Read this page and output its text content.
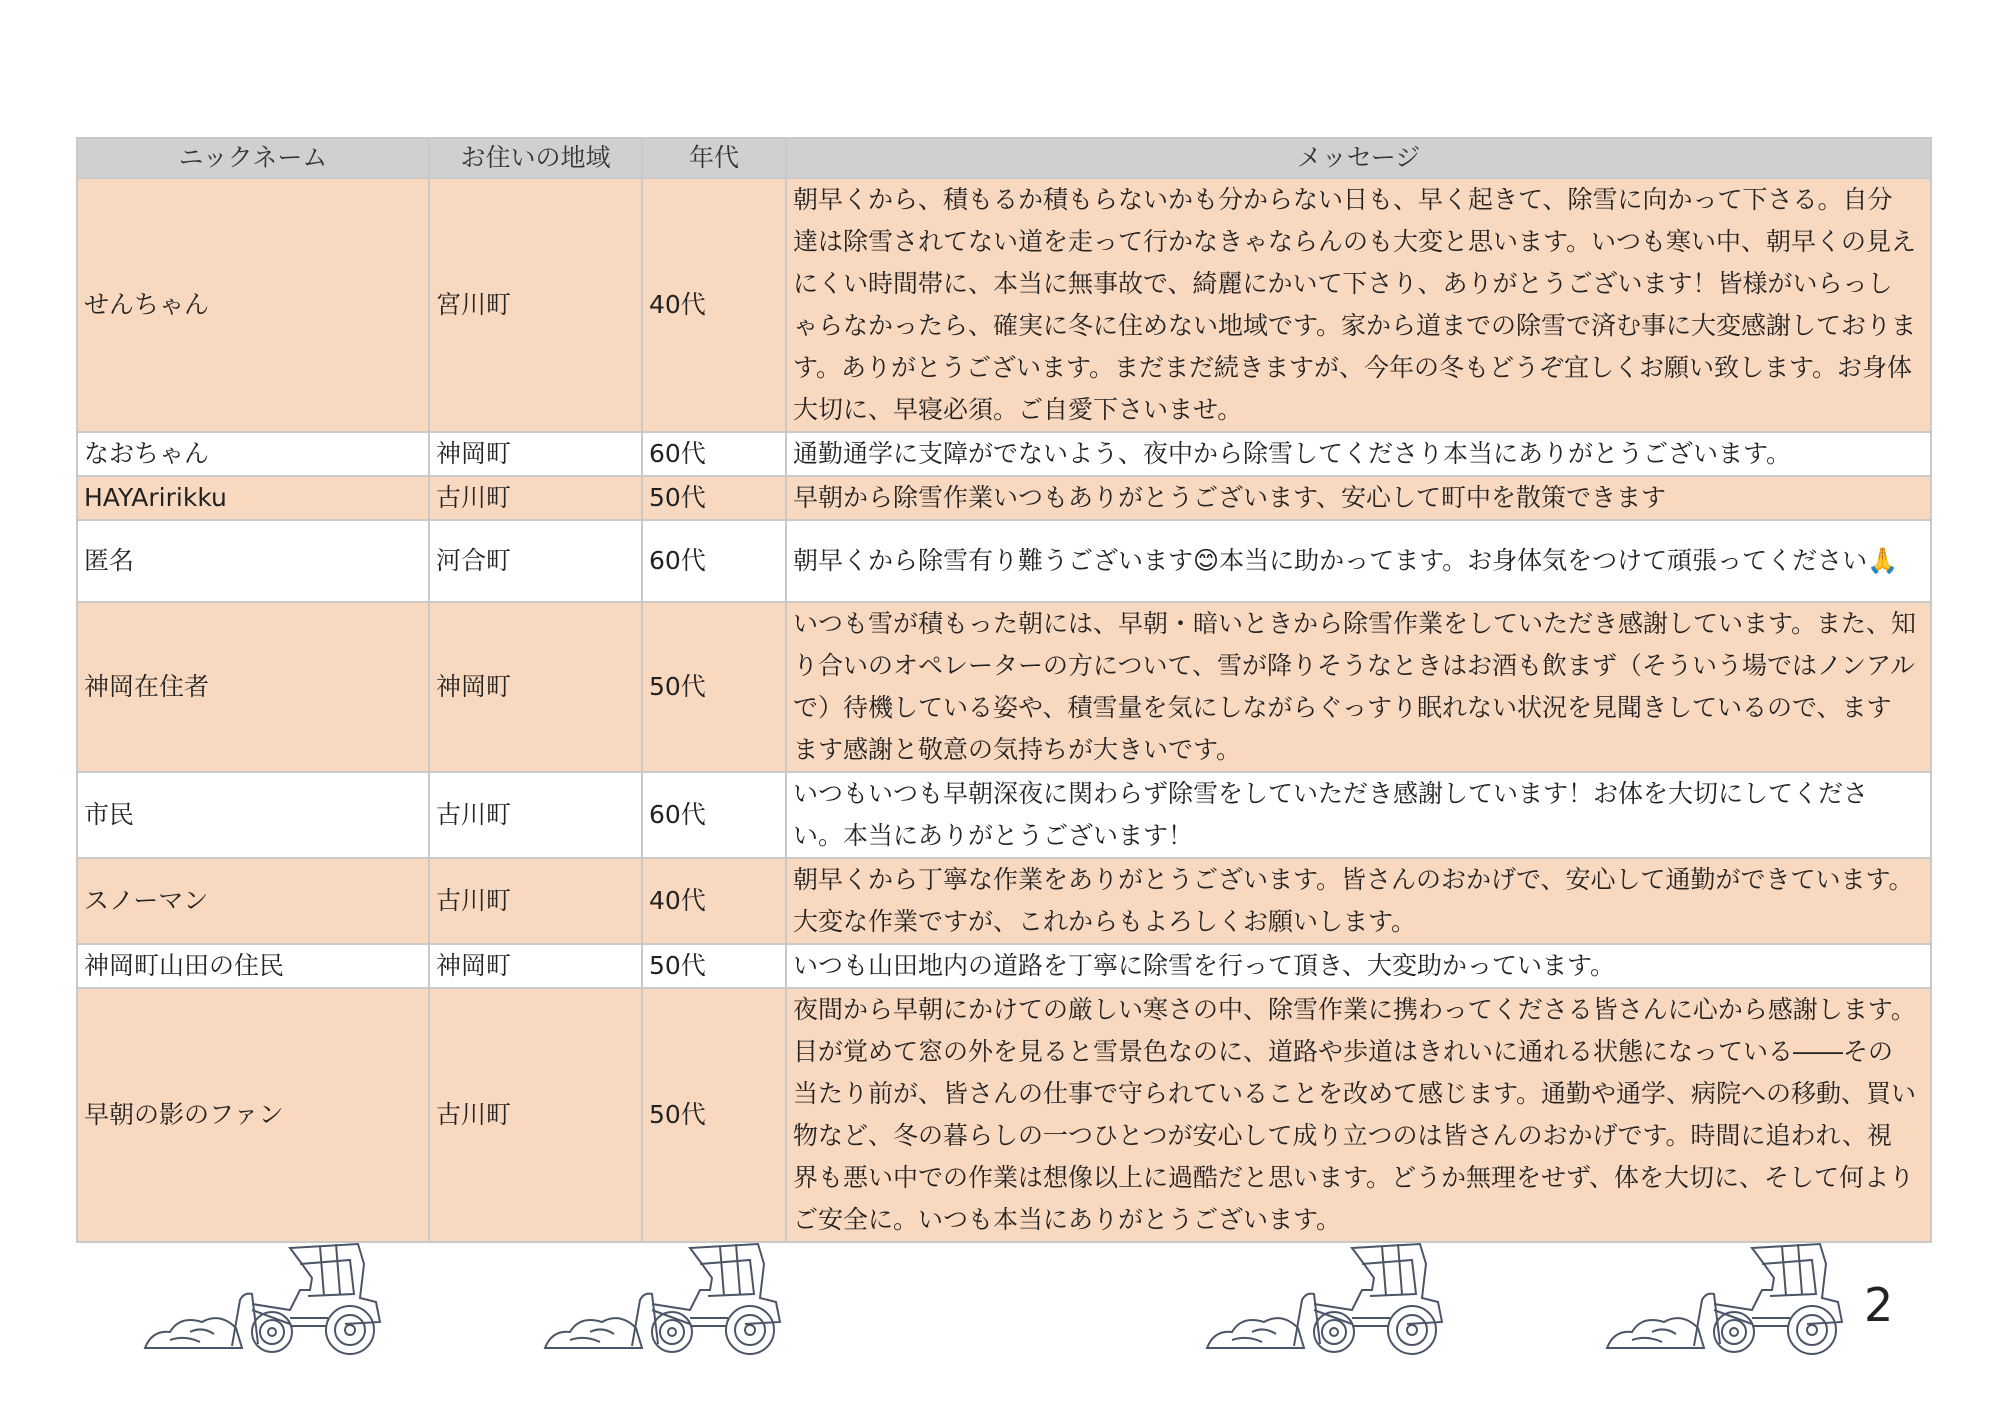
ニックネーム	お住いの地域	年代	メッセージ
せんちゃん	宮川町	40代	朝早くから、積もるか積もらないかも分からない日も、早く起きて、除雪に向かって下さる。自分達は除雪されてない道を走って行かなきゃならんのも大変と思います。いつも寒い中、朝早くの見えにくい時間帯に、本当に無事故で、綺麗にかいて下さり、ありがとうございます！皆様がいらっしゃらなかったら、確実に冬に住めない地域です。家から道までの除雪で済む事に大変感謝しております。ありがとうございます。まだまだ続きますが、今年の冬もどうぞ宜しくお願い致します。お身体大切に、早寝必須。ご自愛下さいませ。
なおちゃん	神岡町	60代	通勤通学に支障がでないよう、夜中から除雪してくださり本当にありがとうございます。
HAYAririkku	古川町	50代	早朝から除雪作業いつもありがとうございます、安心して町中を散策できます
匿名	河合町	60代	朝早くから除雪有り難うございます😊本当に助かってます。お身体気をつけて頑張ってください🙏
神岡在住者	神岡町	50代	いつも雪が積もった朝には、早朝・暗いときから除雪作業をしていただき感謝しています。また、知り合いのオペレーターの方について、雪が降りそうなときはお酒も飲まず（そういう場ではノンアルで）待機している姿や、積雪量を気にしながらぐっすり眠れない状況を見聞きしているので、ますます感謝と敬意の気持ちが大きいです。
市民	古川町	60代	いつもいつも早朝深夜に関わらず除雪をしていただき感謝しています！お体を大切にしてください。本当にありがとうございます！
スノーマン	古川町	40代	朝早くから丁寧な作業をありがとうございます。皆さんのおかげで、安心して通勤ができています。大変な作業ですが、これからもよろしくお願いします。
神岡町山田の住民	神岡町	50代	いつも山田地内の道路を丁寧に除雪を行って頂き、大変助かっています。
早朝の影のファン	古川町	50代	夜間から早朝にかけての厳しい寒さの中、除雪作業に携わってくださる皆さんに心から感謝します。目が覚めて窓の外を見ると雪景色なのに、道路や歩道はきれいに通れる状態になっている――その当たり前が、皆さんの仕事で守られていることを改めて感じます。通勤や通学、病院への移動、買い物など、冬の暮らしの一つひとつが安心して成り立つのは皆さんのおかげです。時間に追われ、視界も悪い中での作業は想像以上に過酷だと思います。どうか無理をせず、体を大切に、そして何よりご安全に。いつも本当にありがとうございます。
2
